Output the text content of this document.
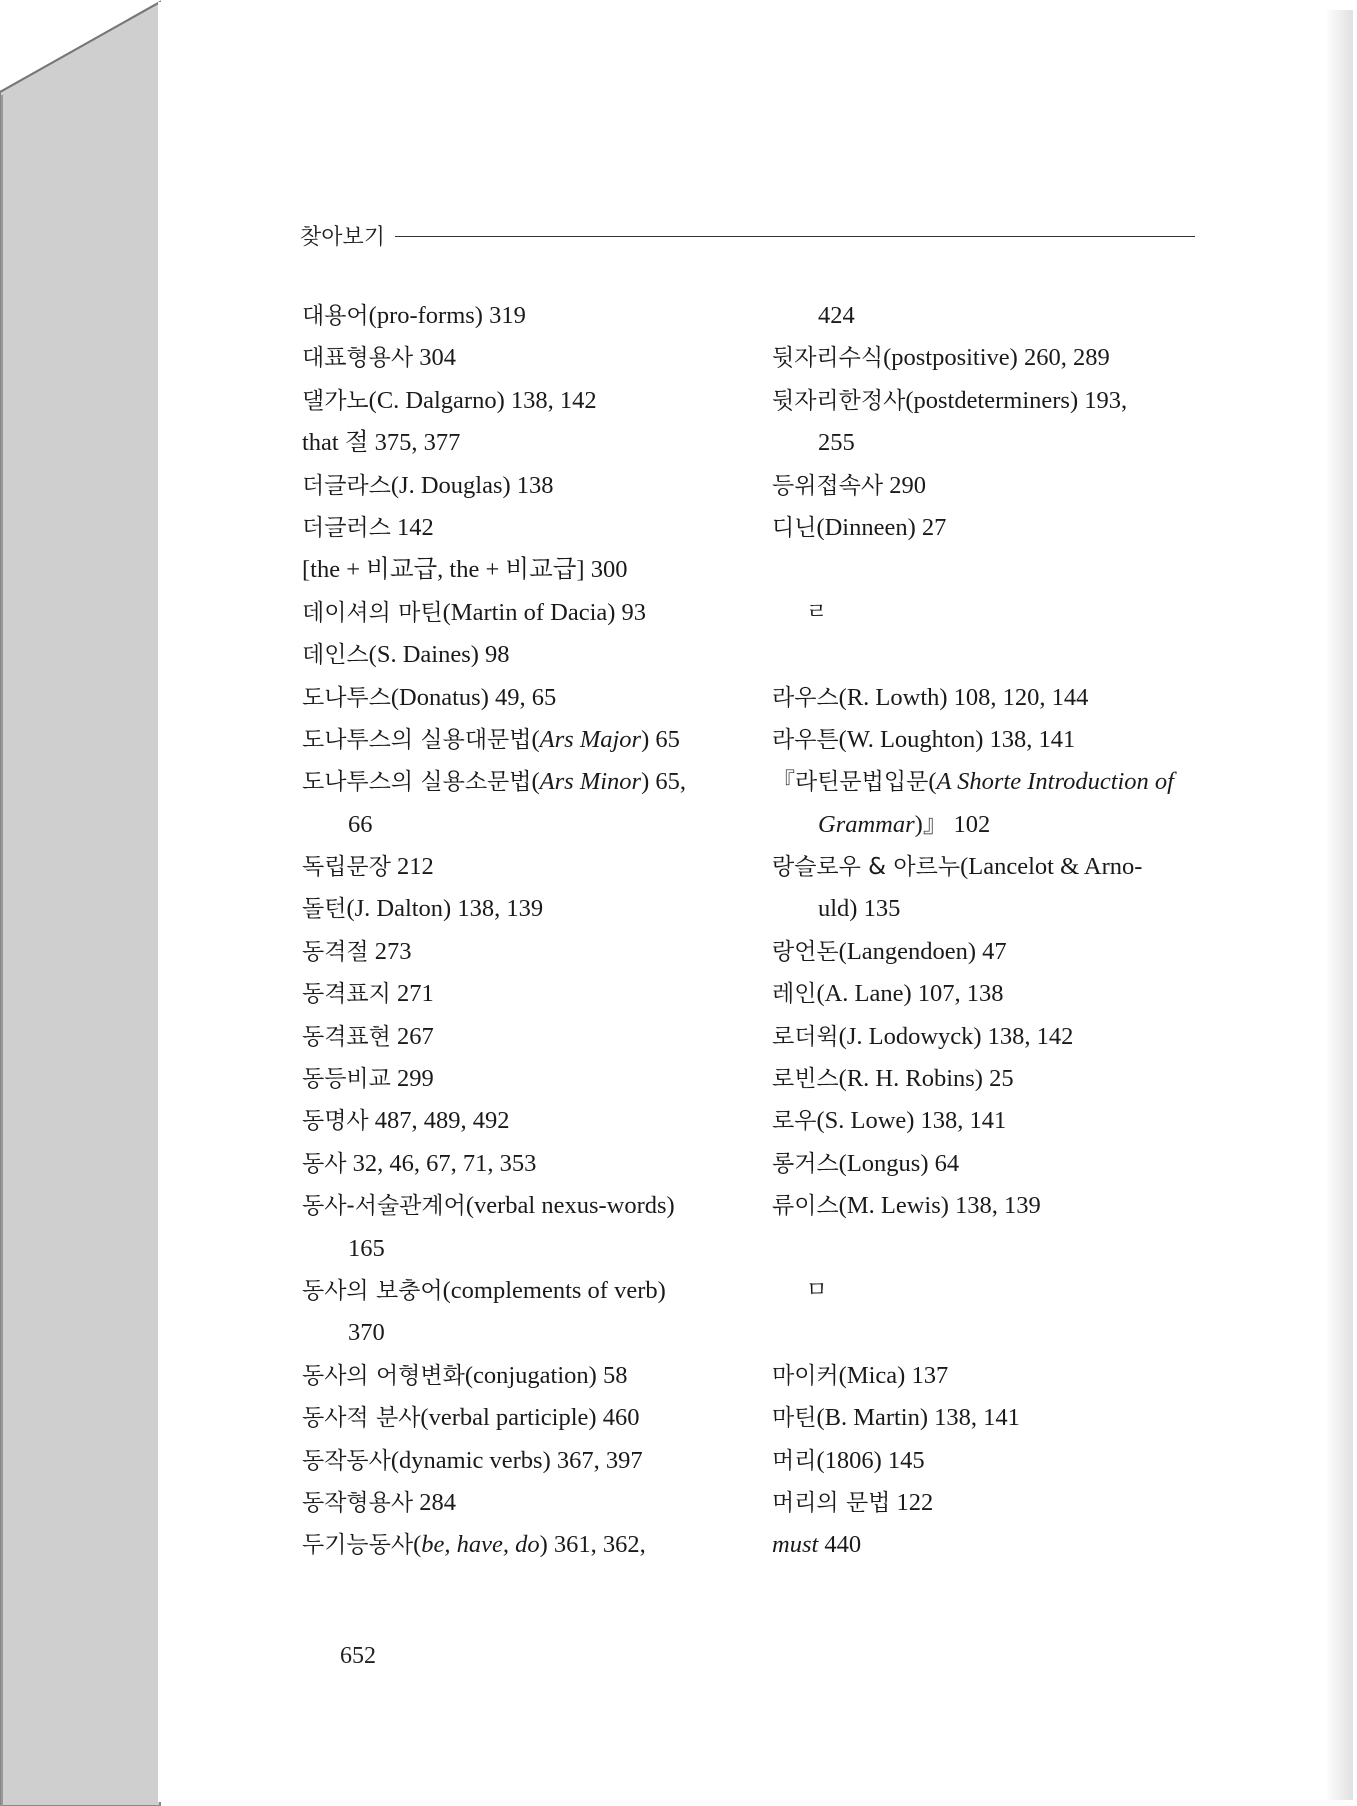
찾아보기
대용어(pro-forms) 319
대표형용사 304
댈가노(C. Dalgarno) 138, 142
that 절 375, 377
더글라스(J. Douglas) 138
더글러스 142
[the + 비교급, the + 비교급] 300
데이셔의 마틴(Martin of Dacia) 93
데인스(S. Daines) 98
도나투스(Donatus) 49, 65
도나투스의 실용대문법(Ars Major) 65
도나투스의 실용소문법(Ars Minor) 65,
66
독립문장 212
돌턴(J. Dalton) 138, 139
동격절 273
동격표지 271
동격표현 267
동등비교 299
동명사 487, 489, 492
동사 32, 46, 67, 71, 353
동사-서술관계어(verbal nexus-words)
165
동사의 보충어(complements of verb)
370
동사의 어형변화(conjugation) 58
동사적 분사(verbal participle) 460
동작동사(dynamic verbs) 367, 397
동작형용사 284
두기능동사(be, have, do) 361, 362,
424
뒷자리수식(postpositive) 260, 289
뒷자리한정사(postdeterminers) 193,
255
등위접속사 290
디닌(Dinneen) 27
ㄹ
라우스(R. Lowth) 108, 120, 144
라우튼(W. Loughton) 138, 141
『라틴문법입문(A Shorte Introduction of
Grammar)』 102
랑슬로우 & 아르누(Lancelot & Arno-
uld) 135
랑언돈(Langendoen) 47
레인(A. Lane) 107, 138
로더윅(J. Lodowyck) 138, 142
로빈스(R. H. Robins) 25
로우(S. Lowe) 138, 141
롱거스(Longus) 64
류이스(M. Lewis) 138, 139
ㅁ
마이커(Mica) 137
마틴(B. Martin) 138, 141
머리(1806) 145
머리의 문법 122
must 440
652
